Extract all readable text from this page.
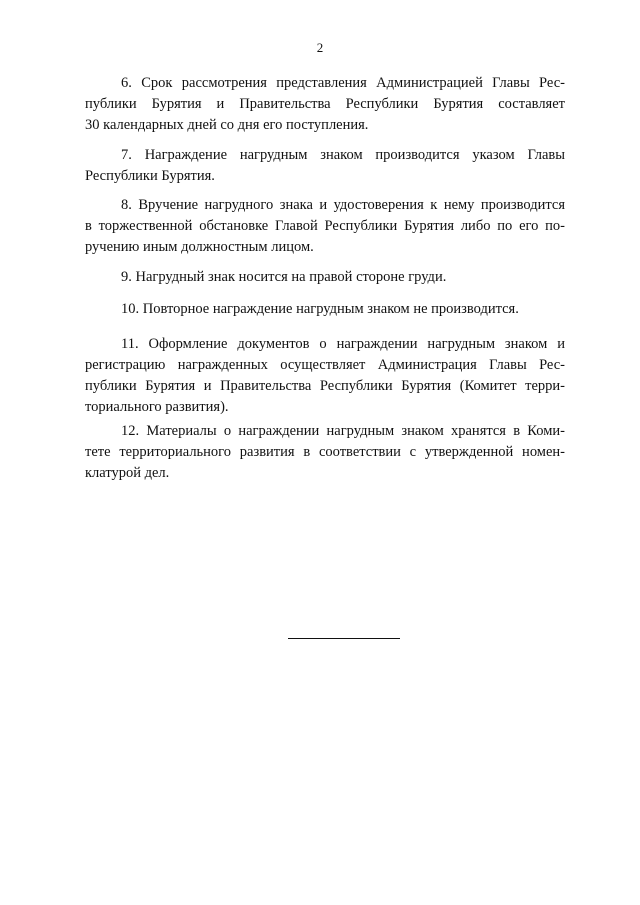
2
6. Срок рассмотрения представления Администрацией Главы Рес-
публики Бурятия и Правительства Республики Бурятия составляет
30 календарных дней со дня его поступления.
7. Награждение нагрудным знаком производится указом Главы
Республики Бурятия.
8. Вручение нагрудного знака и удостоверения к нему производится
в торжественной обстановке Главой Республики Бурятия либо по его по-
ручению иным должностным лицом.
9. Нагрудный знак носится на правой стороне груди.
10. Повторное награждение нагрудным знаком не производится.
11. Оформление документов о награждении нагрудным знаком и
регистрацию награжденных осуществляет Администрация Главы Рес-
публики Бурятия и Правительства Республики Бурятия (Комитет терри-
ториального развития).
12. Материалы о награждении нагрудным знаком хранятся в Коми-
тете территориального развития в соответствии с утвержденной номен-
клатурой дел.
